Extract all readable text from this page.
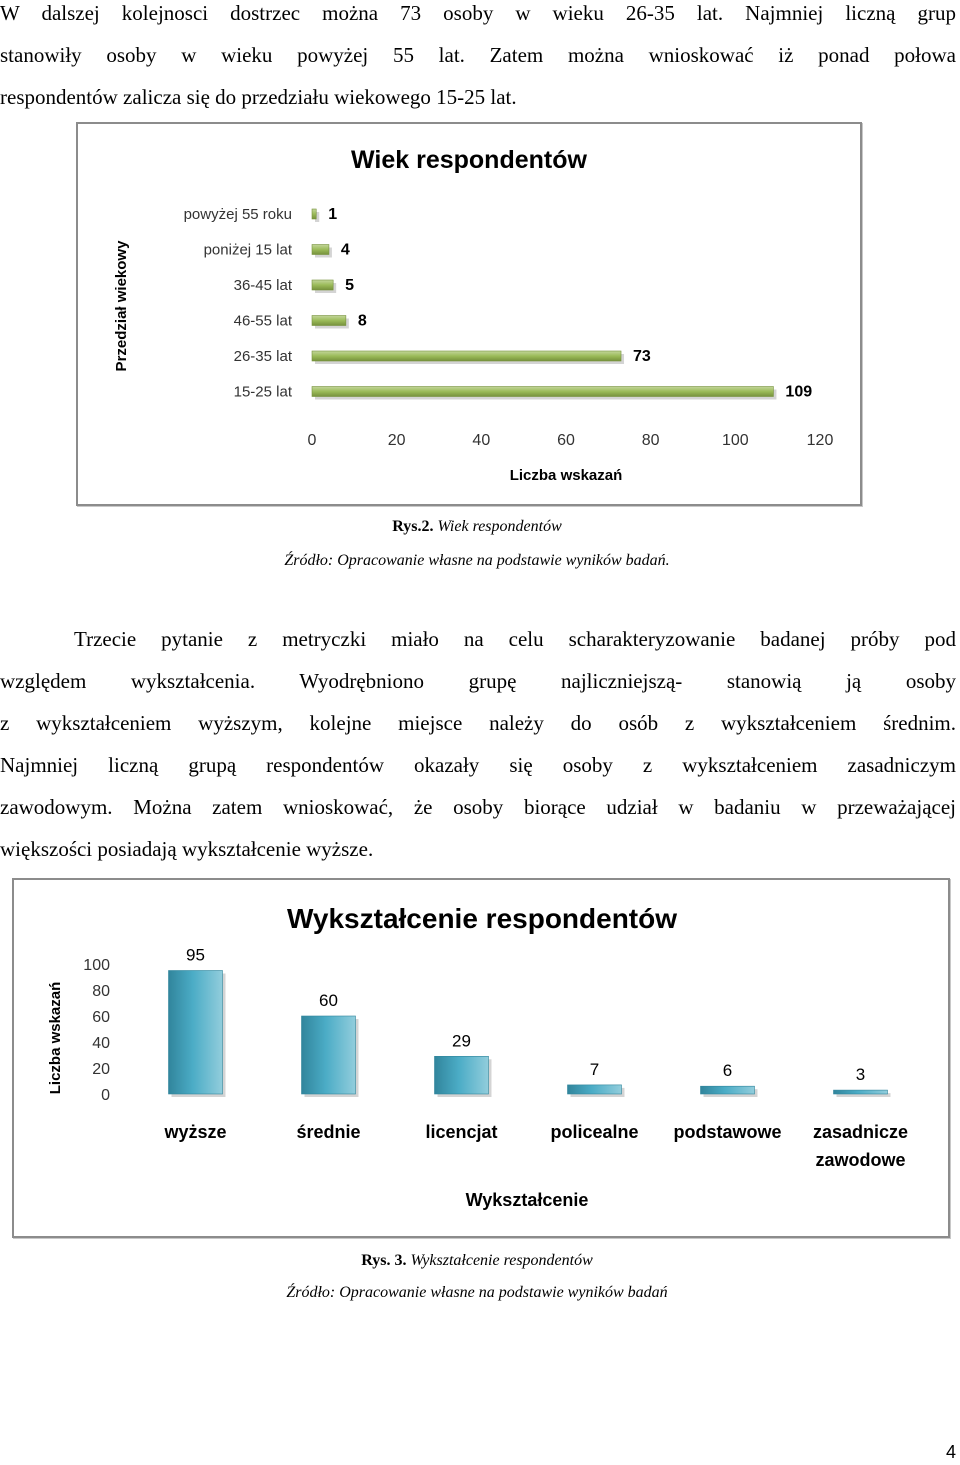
W dalszej kolejnosci dostrzec można 73 osoby w wieku 26-35 lat. Najmniej liczną grup
stanowiły osoby w wieku powyżej 55 lat. Zatem można wnioskować iż ponad połowa
respondentów zalicza się do przedziału wiekowego 15-25 lat.
Wiek respondentów
Przedział wiekowy
Liczba wskazań
powyżej 55 roku 1
poniżej 15 lat	4
36-45 lat	5
46-55 lat	8
26-35 lat	73
15-25 lat	109
0	20	40	60	80	100	120
Rys.2. Wiek respondentów
Źródło: Opracowanie własne na podstawie wyników badań.
Trzecie pytanie z metryczki miało na celu scharakteryzowanie badanej próby pod
względem wykształcenia. Wyodrębniono grupę najliczniejszą- stanowią ją osoby
z wykształceniem wyższym, kolejne miejsce należy do osób z wykształceniem średnim.
Najmniej liczną grupą respondentów okazały się osoby z wykształceniem zasadniczym
zawodowym. Można zatem wnioskować, że osoby biorące udział w badaniu w przeważającej
większości posiadają wykształcenie wyższe.
Wykształcenie respondentów
Liczba wskazań
Wykształcenie
0
20
40
60
80
100
95
wyższe
60
średnie
29
licencjat
7
policealne
6
podstawowe
3
zasadnicze
zawodowe
Rys. 3. Wykształcenie respondentów
Źródło: Opracowanie własne na podstawie wyników badań
4
